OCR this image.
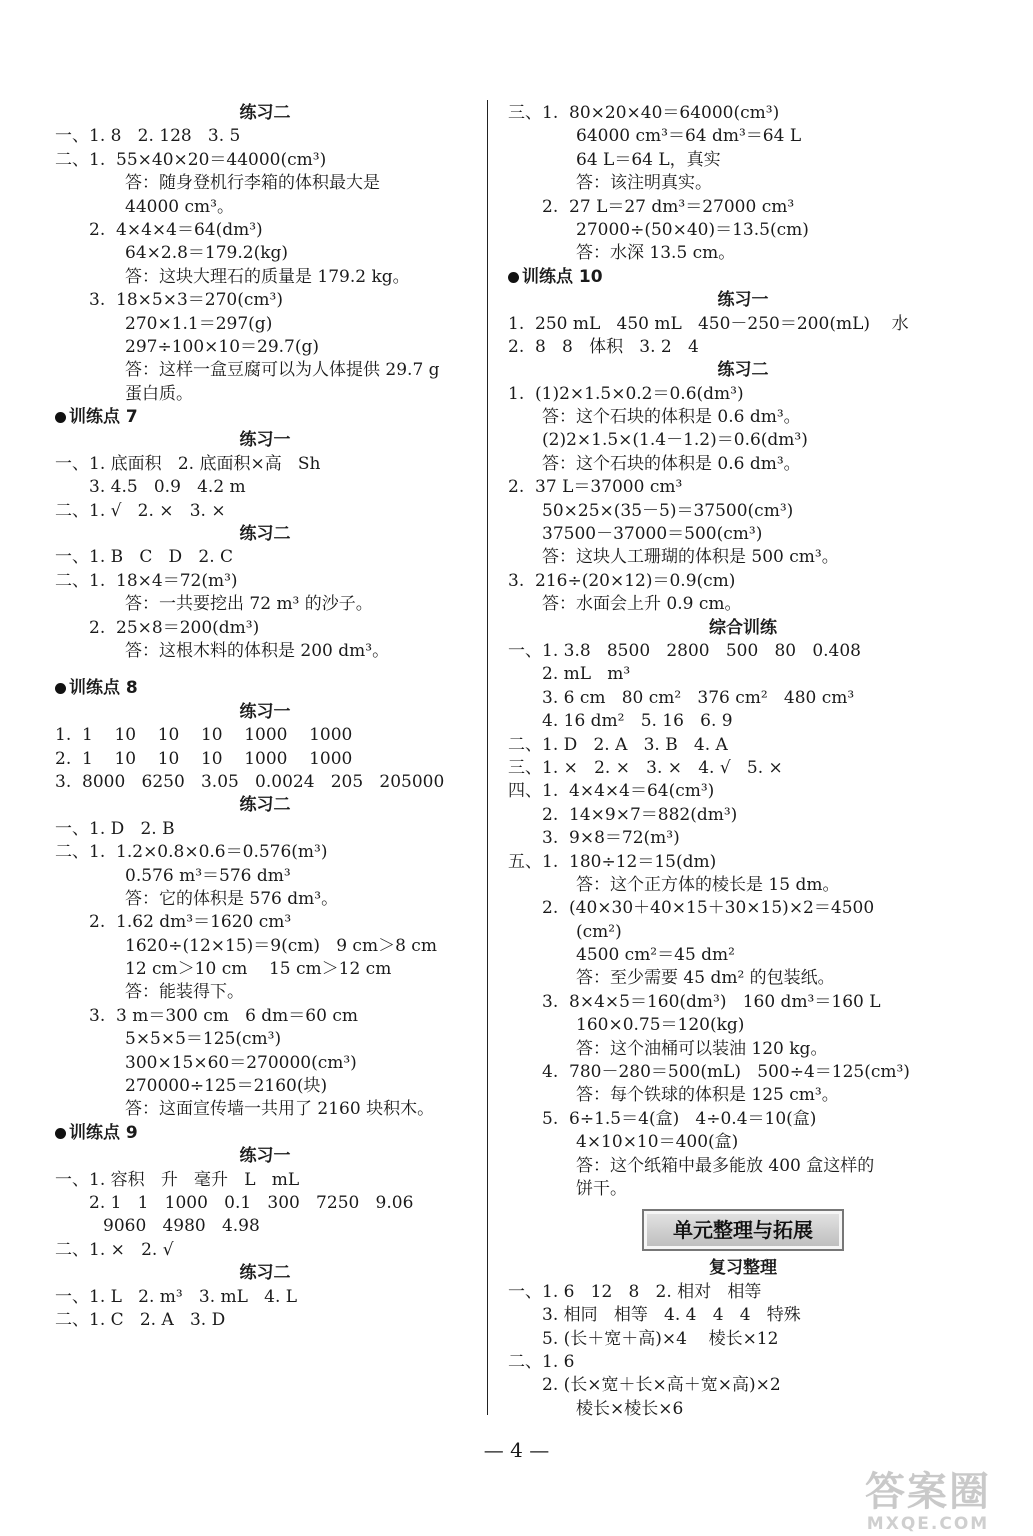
练习二
一、1. 8   2. 128   3. 5
二、1.  55×40×20＝44000(cm³)
答：随身登机行李箱的体积最大是
44000 cm³。
2.  4×4×4＝64(dm³)
64×2.8＝179.2(kg)
答：这块大理石的质量是 179.2 kg。
3.  18×5×3＝270(cm³)
270×1.1＝297(g)
297÷100×10＝29.7(g)
答：这样一盒豆腐可以为人体提供 29.7 g
蛋白质。
训练点 7
练习一
一、1. 底面积   2. 底面积×高   Sh
3. 4.5   0.9   4.2 m
二、1. √   2. ×   3. ×
练习二
一、1. B   C   D   2. C
二、1.  18×4＝72(m³)
答：一共要挖出 72 m³ 的沙子。
2.  25×8＝200(dm³)
答：这根木料的体积是 200 dm³。
训练点 8
练习一
1.  1    10    10    10    1000    1000
2.  1    10    10    10    1000    1000
3.  8000   6250   3.05   0.0024   205   205000
练习二
一、1. D   2. B
二、1.  1.2×0.8×0.6＝0.576(m³)
0.576 m³＝576 dm³
答：它的体积是 576 dm³。
2.  1.62 dm³＝1620 cm³
1620÷(12×15)＝9(cm)   9 cm＞8 cm
12 cm＞10 cm    15 cm＞12 cm
答：能装得下。
3.  3 m＝300 cm   6 dm＝60 cm
5×5×5＝125(cm³)
300×15×60＝270000(cm³)
270000÷125＝2160(块)
答：这面宣传墙一共用了 2160 块积木。
训练点 9
练习一
一、1. 容积   升   毫升   L   mL
2. 1   1   1000   0.1   300   7250   9.06
9060   4980   4.98
二、1. ×   2. √
练习二
一、1. L   2. m³   3. mL   4. L
二、1. C   2. A   3. D
三、1.  80×20×40＝64000(cm³)
64000 cm³＝64 dm³＝64 L
64 L＝64 L，真实
答：该注明真实。
2.  27 L＝27 dm³＝27000 cm³
27000÷(50×40)＝13.5(cm)
答：水深 13.5 cm。
训练点 10
练习一
1.  250 mL   450 mL   450－250＝200(mL)    水
2.  8   8   体积   3. 2   4
练习二
1.  (1)2×1.5×0.2＝0.6(dm³)
答：这个石块的体积是 0.6 dm³。
(2)2×1.5×(1.4－1.2)＝0.6(dm³)
答：这个石块的体积是 0.6 dm³。
2.  37 L＝37000 cm³
50×25×(35－5)＝37500(cm³)
37500－37000＝500(cm³)
答：这块人工珊瑚的体积是 500 cm³。
3.  216÷(20×12)＝0.9(cm)
答：水面会上升 0.9 cm。
综合训练
一、1. 3.8   8500   2800   500   80   0.408
2. mL   m³
3. 6 cm   80 cm²   376 cm²   480 cm³
4. 16 dm²   5. 16   6. 9
二、1. D   2. A   3. B   4. A
三、1. ×   2. ×   3. ×   4. √   5. ×
四、1.  4×4×4＝64(cm³)
2.  14×9×7＝882(dm³)
3.  9×8＝72(m³)
五、1.  180÷12＝15(dm)
答：这个正方体的棱长是 15 dm。
2.  (40×30＋40×15＋30×15)×2＝4500
(cm²)
4500 cm²＝45 dm²
答：至少需要 45 dm² 的包装纸。
3.  8×4×5＝160(dm³)   160 dm³＝160 L
160×0.75＝120(kg)
答：这个油桶可以装油 120 kg。
4.  780－280＝500(mL)   500÷4＝125(cm³)
答：每个铁球的体积是 125 cm³。
5.  6÷1.5＝4(盒)   4÷0.4＝10(盒)
4×10×10＝400(盒)
答：这个纸箱中最多能放 400 盒这样的
饼干。
单元整理与拓展
复习整理
一、1. 6   12   8   2. 相对   相等
3. 相同   相等   4. 4   4   4   特殊
5. (长＋宽＋高)×4    棱长×12
二、1. 6
2. (长×宽＋长×高＋宽×高)×2
棱长×棱长×6
— 4 —
答案圈
MXQE.COM
